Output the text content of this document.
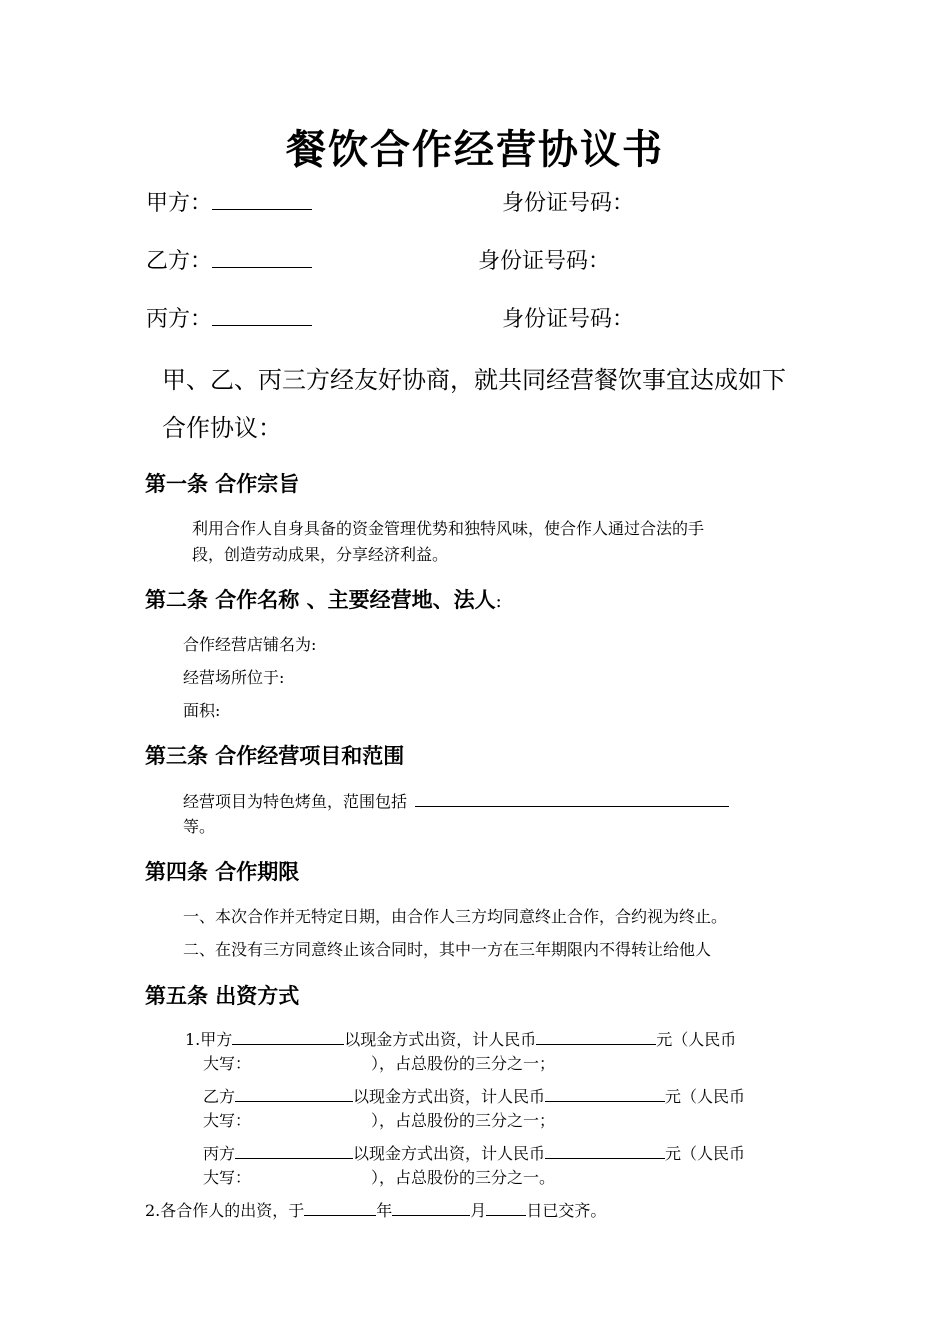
餐饮合作经营协议书
甲方：	身份证号码：
乙方：	身份证号码：
丙方：	身份证号码：
甲、乙、丙三方经友好协商，就共同经营餐饮事宜达成如下
合作协议：
第一条 合作宗旨
利用合作人自身具备的资金管理优势和独特风味，使合作人通过合法的手
段，创造劳动成果，分享经济利益。
第二条 合作名称 、主要经营地、法人:
合作经营店铺名为:
经营场所位于:
面积:
第三条 合作经营项目和范围
经营项目为特色烤鱼，范围包括
等。
第四条 合作期限
一、本次合作并无特定日期，由合作人三方均同意终止合作，合约视为终止。
二、在没有三方同意终止该合同时，其中一方在三年期限内不得转让给他人
第五条 出资方式
1.甲方	以现金方式出资，计人民币	元（人民币
大写：	），占总股份的三分之一；
乙方	以现金方式出资，计人民币	元（人民币
大写：	），占总股份的三分之一；
丙方	以现金方式出资，计人民币	元（人民币
大写：	），占总股份的三分之一。
2.各合作人的出资，于	年	月	日已交齐。
